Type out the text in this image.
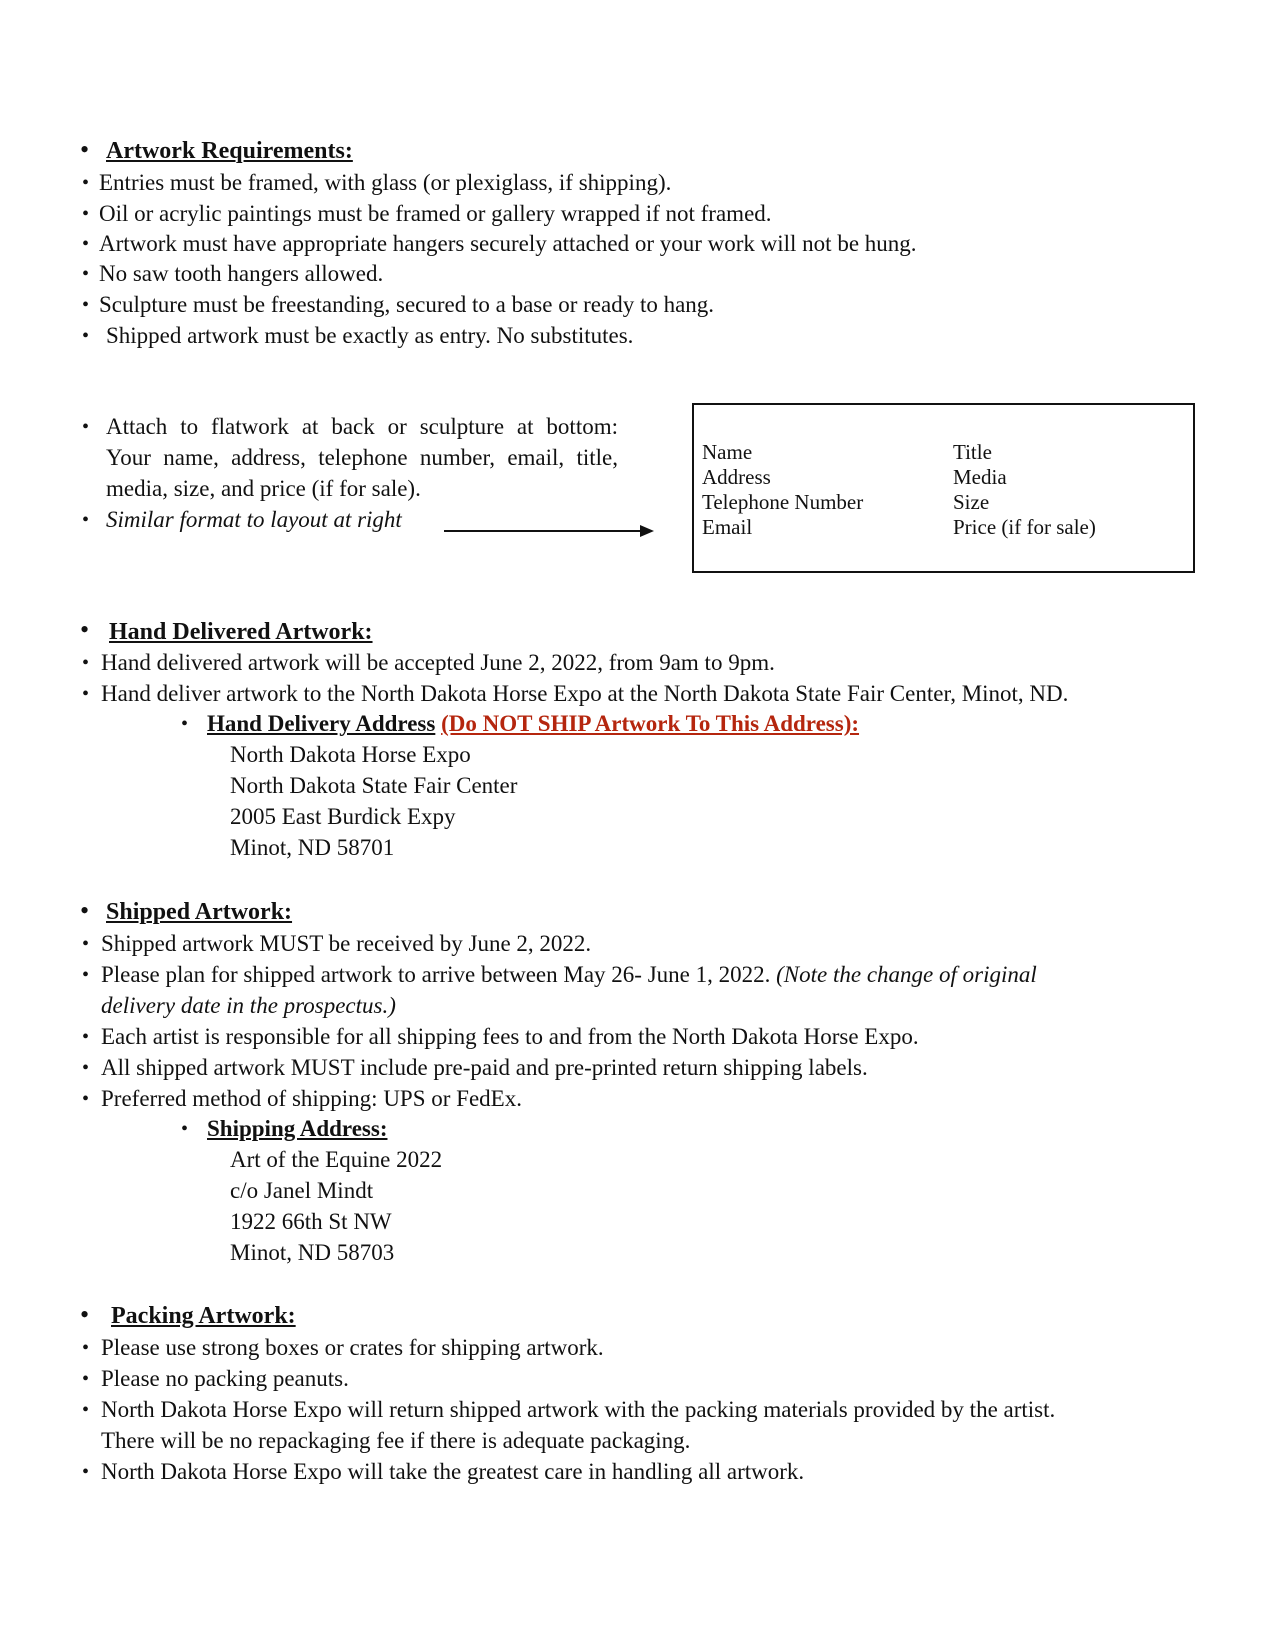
• Artwork Requirements:
• Entries must be framed, with glass (or plexiglass, if shipping).
• Oil or acrylic paintings must be framed or gallery wrapped if not framed.
• Artwork must have appropriate hangers securely attached or your work will not be hung.
• No saw tooth hangers allowed.
• Sculpture must be freestanding, secured to a base or ready to hang.
• Shipped artwork must be exactly as entry. No substitutes.
• Attach to flatwork at back or sculpture at bottom:
Your name, address, telephone number, email, title,
media, size, and price (if for sale).
• Similar format to layout at right
Name
Address
Telephone Number
Email
Title
Media
Size
Price (if for sale)
• Hand Delivered Artwork:
• Hand delivered artwork will be accepted June 2, 2022, from 9am to 9pm.
• Hand deliver artwork to the North Dakota Horse Expo at the North Dakota State Fair Center, Minot, ND.
• Hand Delivery Address (Do NOT SHIP Artwork To This Address):
North Dakota Horse Expo
North Dakota State Fair Center
2005 East Burdick Expy
Minot, ND 58701
• Shipped Artwork:
• Shipped artwork MUST be received by June 2, 2022.
• Please plan for shipped artwork to arrive between May 26- June 1, 2022. (Note the change of original
delivery date in the prospectus.)
• Each artist is responsible for all shipping fees to and from the North Dakota Horse Expo.
• All shipped artwork MUST include pre-paid and pre-printed return shipping labels.
• Preferred method of shipping: UPS or FedEx.
• Shipping Address:
Art of the Equine 2022
c/o Janel Mindt
1922 66th St NW
Minot, ND 58703
• Packing Artwork:
• Please use strong boxes or crates for shipping artwork.
• Please no packing peanuts.
• North Dakota Horse Expo will return shipped artwork with the packing materials provided by the artist.
There will be no repackaging fee if there is adequate packaging.
• North Dakota Horse Expo will take the greatest care in handling all artwork.
